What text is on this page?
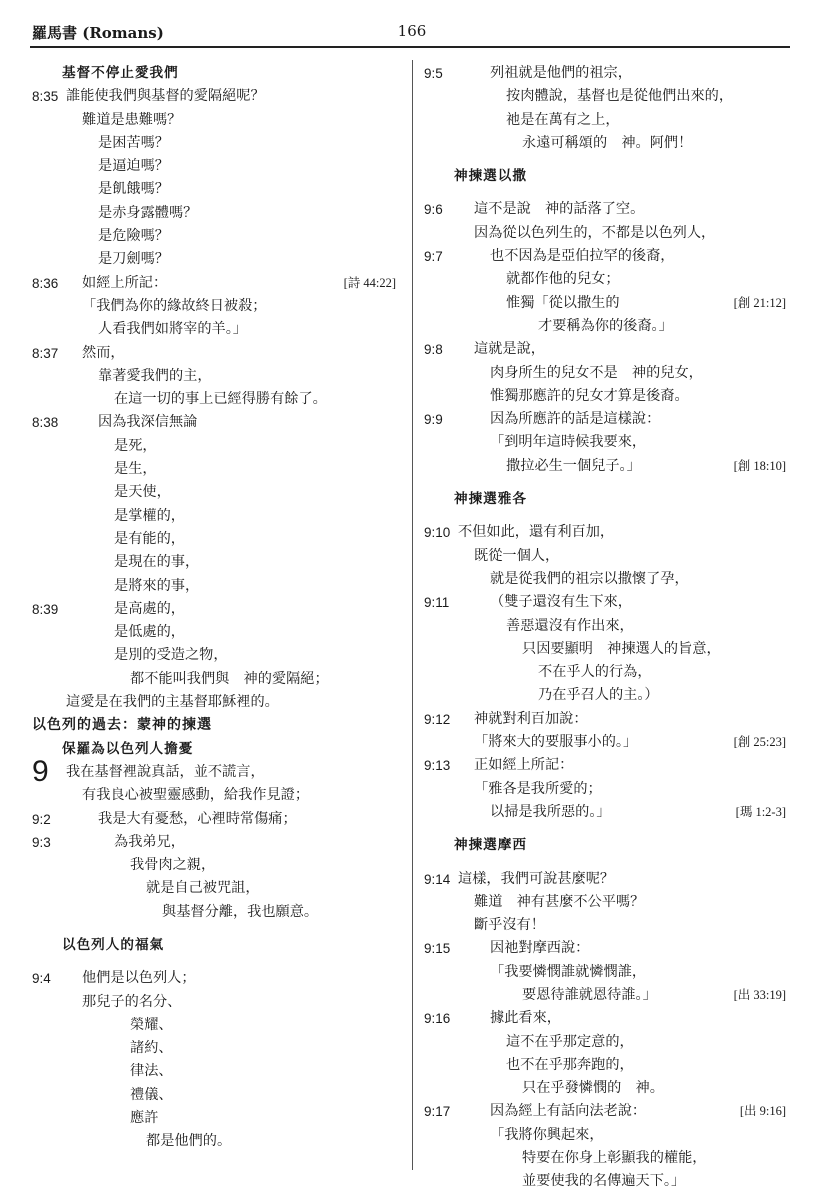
羅馬書 (Romans)	166
基督不停止愛我們
8:35 誰能使我們與基督的愛隔絕呢？
難道是患難嗎？
是困苦嗎？
是逼迫嗎？
是飢餓嗎？
是赤身露體嗎？
是危險嗎？
是刀劍嗎？
8:36 如經上所記：	[詩 44:22]
「我們為你的緣故終日被殺；
人看我們如將宰的羊。」
8:37 然而，
靠著愛我們的主，
在這一切的事上已經得勝有餘了。
8:38	因為我深信無論
是死，
是生，
是天使，
是掌權的，
是有能的，
是現在的事，
是將來的事，
8:39	是高處的，
是低處的，
是別的受造之物，
都不能叫我們與　神的愛隔絕；
這愛是在我們的主基督耶穌裡的。
以色列的過去：蒙神的揀選
保羅為以色列人擔憂
9 我在基督裡說真話，並不謊言，
有我良心被聖靈感動，給我作見證；
9:2	我是大有憂愁，心裡時常傷痛；
9:3	為我弟兄，
我骨肉之親，
就是自己被咒詛，
與基督分離，我也願意。
以色列人的福氣
9:4 他們是以色列人；
那兒子的名分、
榮耀、
諸約、
律法、
禮儀、
應許
都是他們的。
9:5	列祖就是他們的祖宗，
按肉體說，基督也是從他們出來的，
祂是在萬有之上，
永遠可稱頌的　神。阿們！
神揀選以撒
9:6 這不是說　神的話落了空。
因為從以色列生的，不都是以色列人，
9:7	也不因為是亞伯拉罕的後裔，
就都作他的兒女；
惟獨「從以撒生的	[創 21:12]
才要稱為你的後裔。」
9:8 這就是說，
肉身所生的兒女不是　神的兒女，
惟獨那應許的兒女才算是後裔。
9:9	因為所應許的話是這樣說：
「到明年這時候我要來，
撒拉必生一個兒子。」	[創 18:10]
神揀選雅各
9:10 不但如此，還有利百加，
既從一個人，
就是從我們的祖宗以撒懷了孕，
9:11	（雙子還沒有生下來，
善惡還沒有作出來，
只因要顯明　神揀選人的旨意，
不在乎人的行為，
乃在乎召人的主。）
9:12 神就對利百加說：
「將來大的要服事小的。」	[創 25:23]
9:13 正如經上所記：
「雅各是我所愛的；
以掃是我所惡的。」	[瑪 1:2-3]
神揀選摩西
9:14 這樣，我們可說甚麼呢？
難道　神有甚麼不公平嗎？
斷乎沒有！
9:15	因祂對摩西說：
「我要憐憫誰就憐憫誰，
要恩待誰就恩待誰。」	[出 33:19]
9:16	據此看來，
這不在乎那定意的，
也不在乎那奔跑的，
只在乎發憐憫的　神。
9:17	因為經上有話向法老說：	[出 9:16]
「我將你興起來，
特要在你身上彰顯我的權能，
並要使我的名傳遍天下。」
